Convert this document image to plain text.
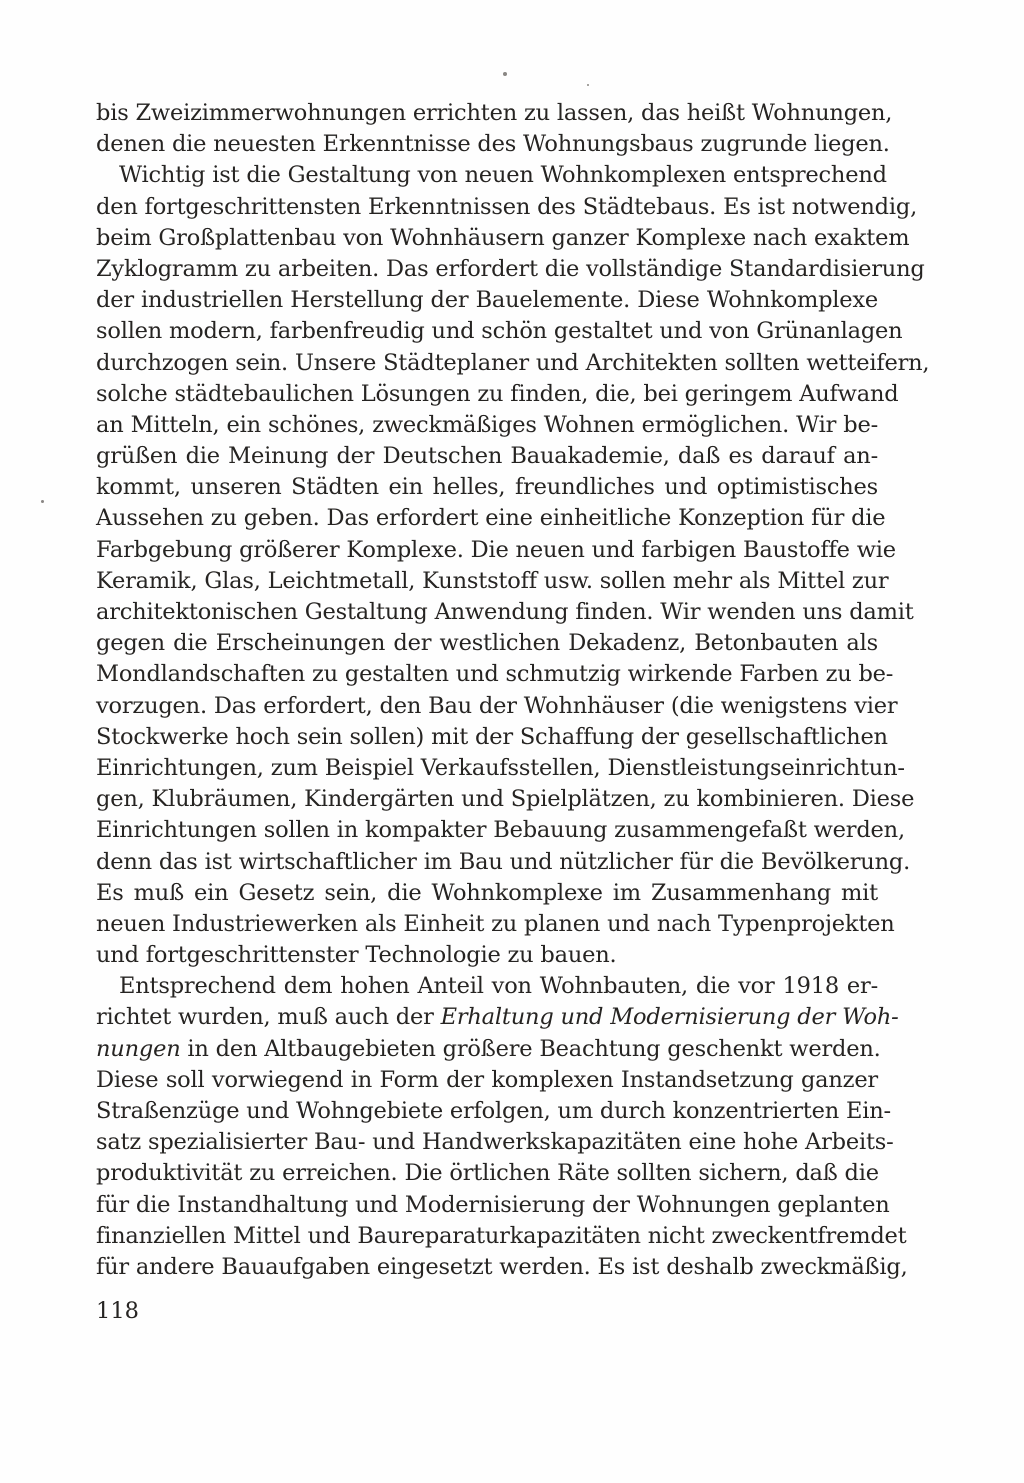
bis Zweizimmerwohnungen errichten zu lassen, das heißt Wohnungen,
denen die neuesten Erkenntnisse des Wohnungsbaus zugrunde liegen.
Wichtig ist die Gestaltung von neuen Wohnkomplexen entsprechend
den fortgeschrittensten Erkenntnissen des Städtebaus. Es ist notwendig,
beim Großplattenbau von Wohnhäusern ganzer Komplexe nach exaktem
Zyklogramm zu arbeiten. Das erfordert die vollständige Standardisierung
der industriellen Herstellung der Bauelemente. Diese Wohnkomplexe
sollen modern, farbenfreudig und schön gestaltet und von Grünanlagen
durchzogen sein. Unsere Städteplaner und Architekten sollten wetteifern,
solche städtebaulichen Lösungen zu finden, die, bei geringem Aufwand
an Mitteln, ein schönes, zweckmäßiges Wohnen ermöglichen. Wir be-
grüßen die Meinung der Deutschen Bauakademie, daß es darauf an-
kommt, unseren Städten ein helles, freundliches und optimistisches
Aussehen zu geben. Das erfordert eine einheitliche Konzeption für die
Farbgebung größerer Komplexe. Die neuen und farbigen Baustoffe wie
Keramik, Glas, Leichtmetall, Kunststoff usw. sollen mehr als Mittel zur
architektonischen Gestaltung Anwendung finden. Wir wenden uns damit
gegen die Erscheinungen der westlichen Dekadenz, Betonbauten als
Mondlandschaften zu gestalten und schmutzig wirkende Farben zu be-
vorzugen. Das erfordert, den Bau der Wohnhäuser (die wenigstens vier
Stockwerke hoch sein sollen) mit der Schaffung der gesellschaftlichen
Einrichtungen, zum Beispiel Verkaufsstellen, Dienstleistungseinrichtun-
gen, Klubräumen, Kindergärten und Spielplätzen, zu kombinieren. Diese
Einrichtungen sollen in kompakter Bebauung zusammengefaßt werden,
denn das ist wirtschaftlicher im Bau und nützlicher für die Bevölkerung.
Es muß ein Gesetz sein, die Wohnkomplexe im Zusammenhang mit
neuen Industriewerken als Einheit zu planen und nach Typenprojekten
und fortgeschrittenster Technologie zu bauen.
Entsprechend dem hohen Anteil von Wohnbauten, die vor 1918 er-
richtet wurden, muß auch der Erhaltung und Modernisierung der Woh-
nungen in den Altbaugebieten größere Beachtung geschenkt werden.
Diese soll vorwiegend in Form der komplexen Instandsetzung ganzer
Straßenzüge und Wohngebiete erfolgen, um durch konzentrierten Ein-
satz spezialisierter Bau- und Handwerkskapazitäten eine hohe Arbeits-
produktivität zu erreichen. Die örtlichen Räte sollten sichern, daß die
für die Instandhaltung und Modernisierung der Wohnungen geplanten
finanziellen Mittel und Baureparaturkapazitäten nicht zweckentfremdet
für andere Bauaufgaben eingesetzt werden. Es ist deshalb zweckmäßig,
118
